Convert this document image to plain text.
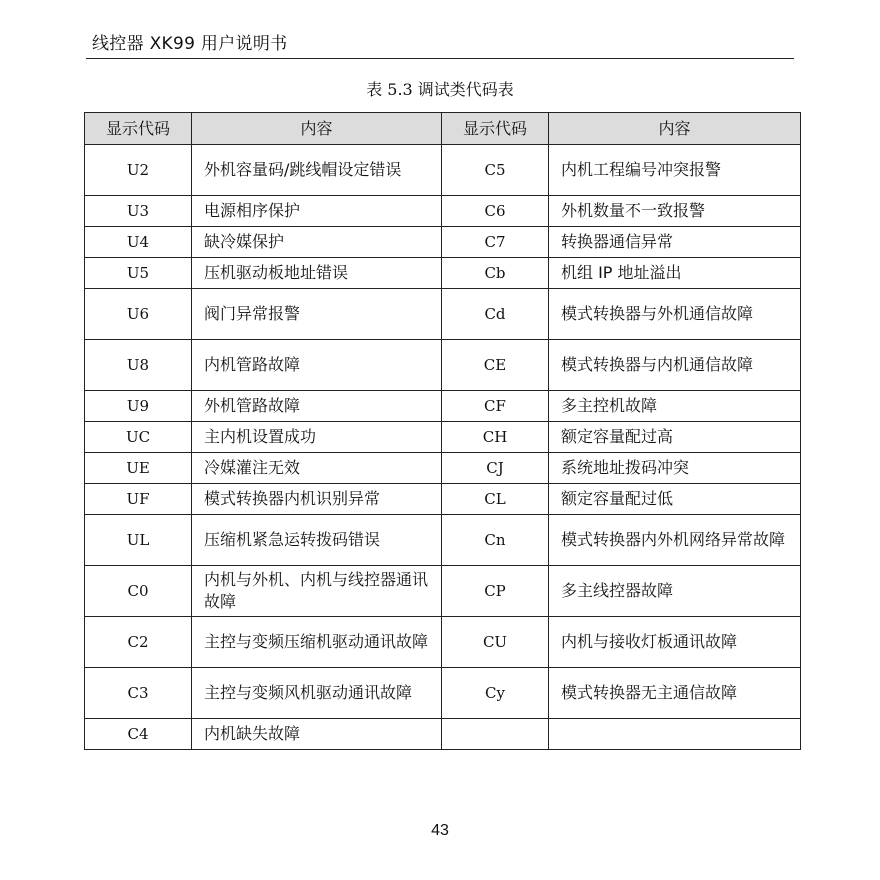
线控器 XK99 用户说明书
表 5.3 调试类代码表
显示代码	内容	显示代码	内容
U2	外机容量码/跳线帽设定错误	C5	内机工程编号冲突报警
U3	电源相序保护	C6	外机数量不一致报警
U4	缺冷媒保护	C7	转换器通信异常
U5	压机驱动板地址错误	Cb	机组 IP 地址溢出
U6	阀门异常报警	Cd	模式转换器与外机通信故障
U8	内机管路故障	CE	模式转换器与内机通信故障
U9	外机管路故障	CF	多主控机故障
UC	主内机设置成功	CH	额定容量配过高
UE	冷媒灌注无效	CJ	系统地址拨码冲突
UF	模式转换器内机识别异常	CL	额定容量配过低
UL	压缩机紧急运转拨码错误	Cn	模式转换器内外机网络异常故障
C0	内机与外机、内机与线控器通讯故障	CP	多主线控器故障
C2	主控与变频压缩机驱动通讯故障	CU	内机与接收灯板通讯故障
C3	主控与变频风机驱动通讯故障	Cy	模式转换器无主通信故障
C4	内机缺失故障		
43
